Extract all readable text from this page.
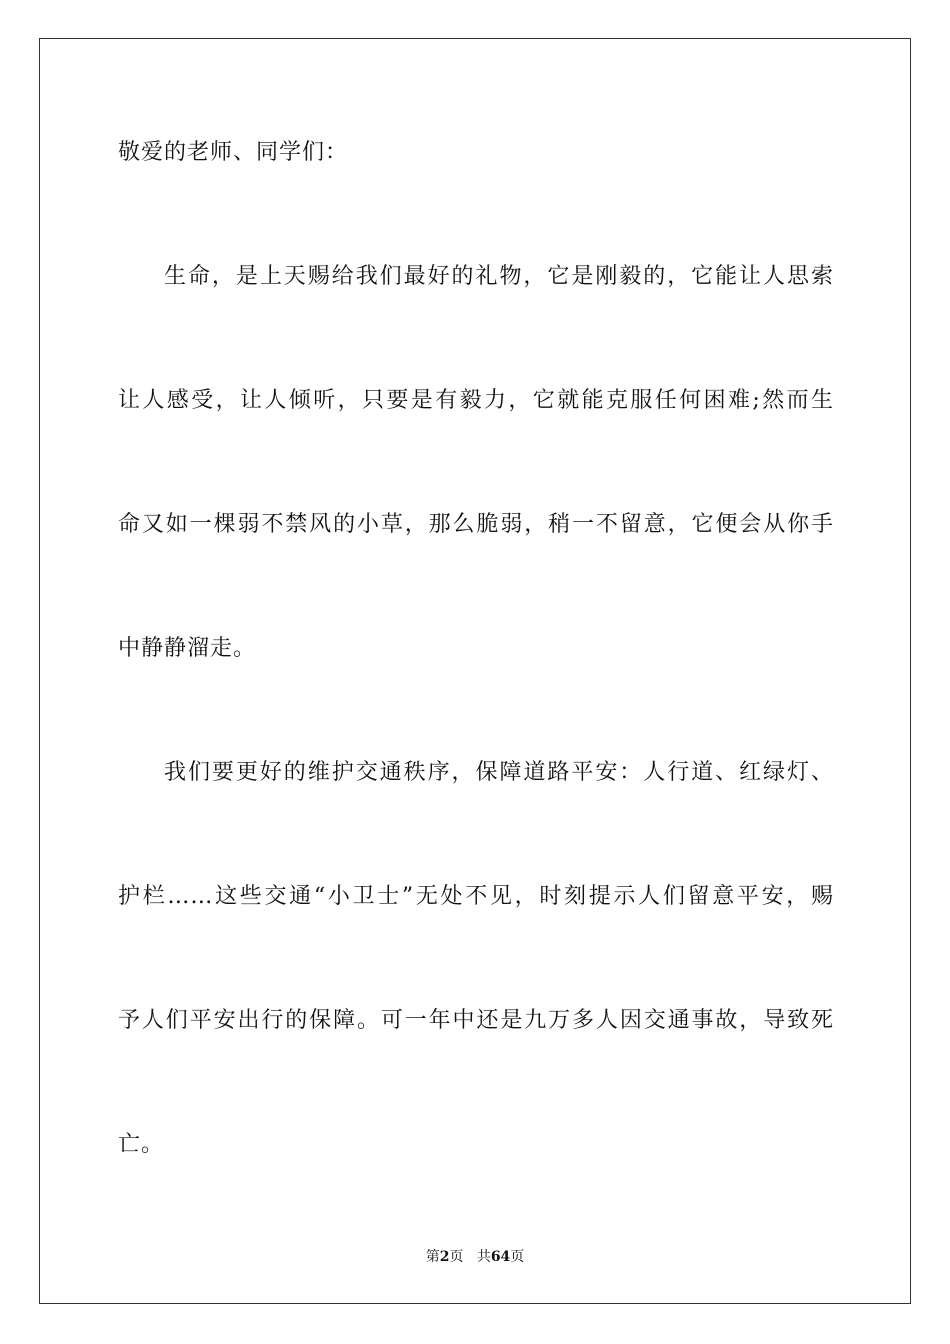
敬爱的老师、同学们：
生命，是上天赐给我们最好的礼物，它是刚毅的，它能让人思索
让人感受，让人倾听，只要是有毅力，它就能克服任何困难;然而生
命又如一棵弱不禁风的小草，那么脆弱，稍一不留意，它便会从你手
中静静溜走。
我们要更好的维护交通秩序，保障道路平安：人行道、红绿灯、
护栏……这些交通“小卫士”无处不见，时刻提示人们留意平安，赐
予人们平安出行的保障。可一年中还是九万多人因交通事故，导致死
亡。
第2页 共64页
